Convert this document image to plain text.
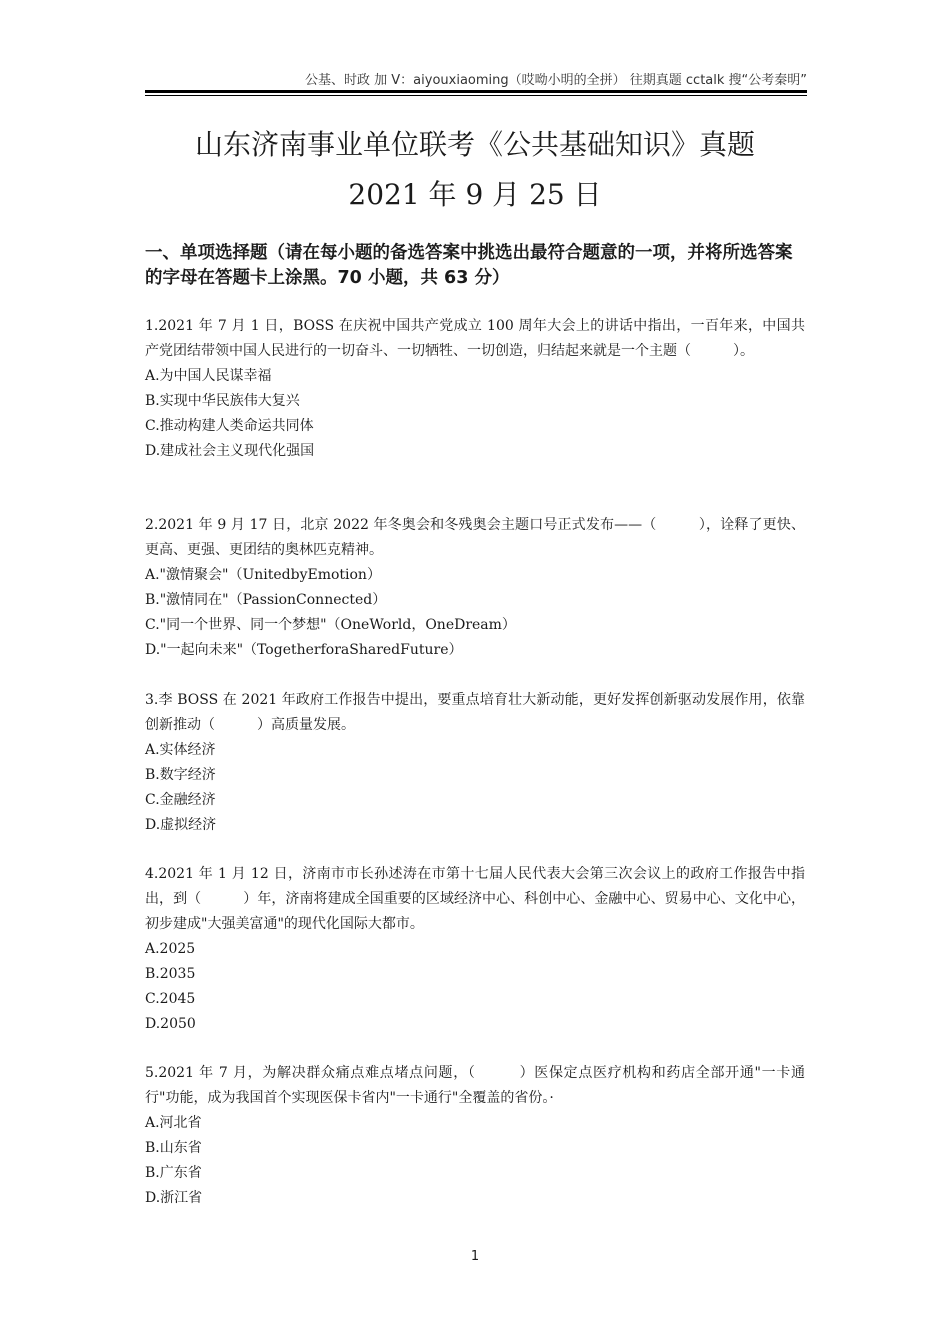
公基、时政 加 V：aiyouxiaoming（哎呦小明的全拼） 往期真题 cctalk 搜“公考秦明”
山东济南事业单位联考《公共基础知识》真题
2021 年 9 月 25 日
一、单项选择题（请在每小题的备选答案中挑选出最符合题意的一项，并将所选答案的字母在答题卡上涂黑。70 小题，共 63 分）
1.2021 年 7 月 1 日，BOSS 在庆祝中国共产党成立 100 周年大会上的讲话中指出，一百年来，中国共产党团结带领中国人民进行的一切奋斗、一切牺牲、一切创造，归结起来就是一个主题（　　　）。
A.为中国人民谋幸福
B.实现中华民族伟大复兴
C.推动构建人类命运共同体
D.建成社会主义现代化强国
2.2021 年 9 月 17 日，北京 2022 年冬奥会和冬残奥会主题口号正式发布——（　　　），诠释了更快、更高、更强、更团结的奥林匹克精神。
A."激情聚会"（UnitedbyEmotion）
B."激情同在"（PassionConnected）
C."同一个世界、同一个梦想"（OneWorld，OneDream）
D."一起向未来"（TogetherforaSharedFuture）
3.李 BOSS 在 2021 年政府工作报告中提出，要重点培育壮大新动能，更好发挥创新驱动发展作用，依靠创新推动（　　　）高质量发展。
A.实体经济
B.数字经济
C.金融经济
D.虚拟经济
4.2021 年 1 月 12 日，济南市市长孙述涛在市第十七届人民代表大会第三次会议上的政府工作报告中指出，到（　　　）年，济南将建成全国重要的区域经济中心、科创中心、金融中心、贸易中心、文化中心，初步建成"大强美富通"的现代化国际大都市。
A.2025
B.2035
C.2045
D.2050
5.2021 年 7 月，为解决群众痛点难点堵点问题，（　　　）医保定点医疗机构和药店全部开通"一卡通行"功能，成为我国首个实现医保卡省内"一卡通行"全覆盖的省份。·
A.河北省
B.山东省
B.广东省
D.浙江省
1
